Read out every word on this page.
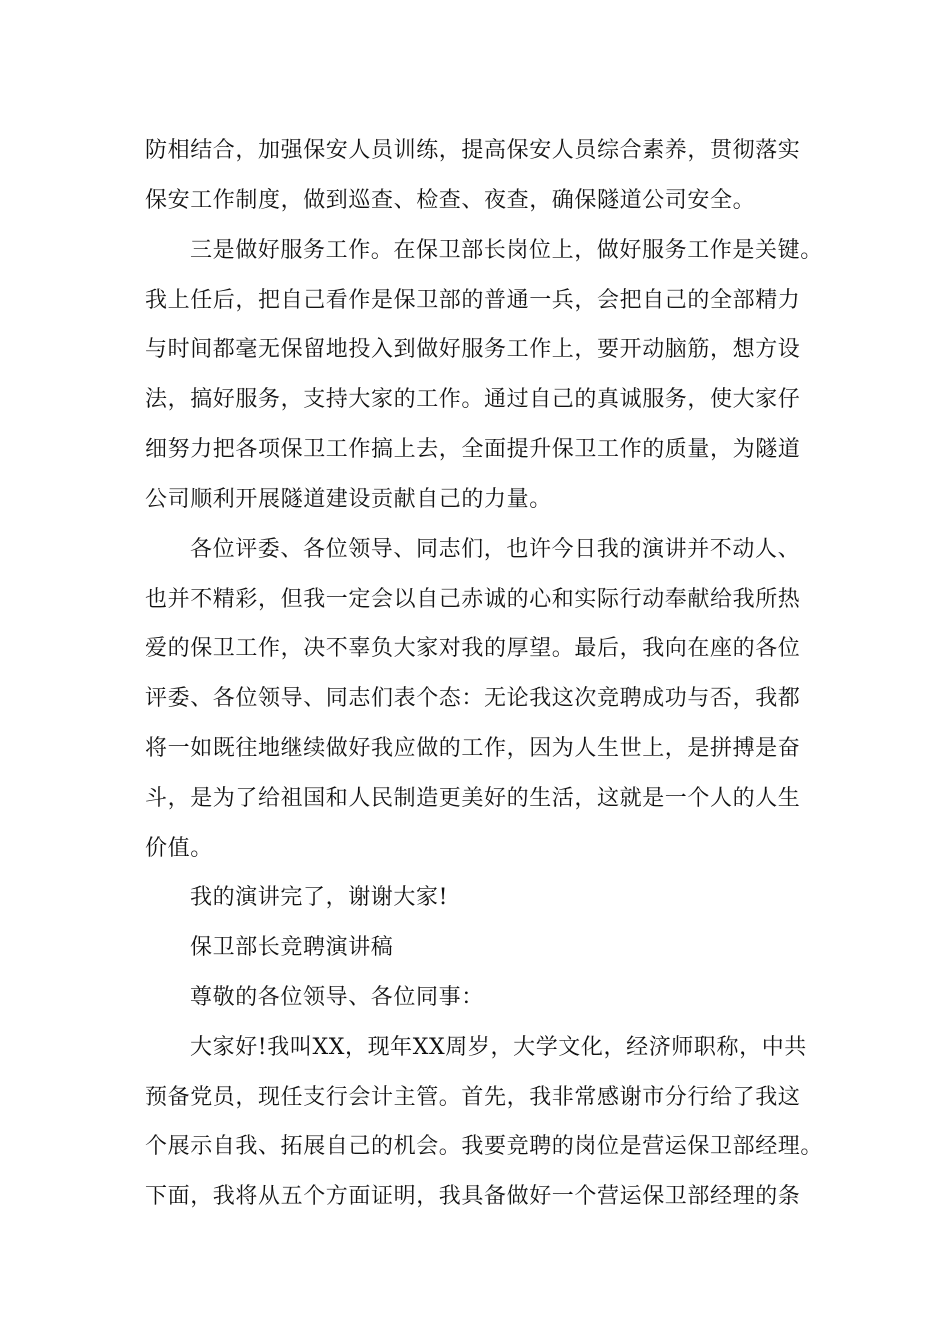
防相结合，加强保安人员训练，提高保安人员综合素养，贯彻落实
保安工作制度，做到巡查、检查、夜查，确保隧道公司安全。
三是做好服务工作。在保卫部长岗位上，做好服务工作是关键。
我上任后，把自己看作是保卫部的普通一兵，会把自己的全部精力
与时间都毫无保留地投入到做好服务工作上，要开动脑筋，想方设
法，搞好服务，支持大家的工作。通过自己的真诚服务，使大家仔
细努力把各项保卫工作搞上去，全面提升保卫工作的质量，为隧道
公司顺利开展隧道建设贡献自己的力量。
各位评委、各位领导、同志们，也许今日我的演讲并不动人、
也并不精彩，但我一定会以自己赤诚的心和实际行动奉献给我所热
爱的保卫工作，决不辜负大家对我的厚望。最后，我向在座的各位
评委、各位领导、同志们表个态：无论我这次竞聘成功与否，我都
将一如既往地继续做好我应做的工作，因为人生世上，是拼搏是奋
斗，是为了给祖国和人民制造更美好的生活，这就是一个人的人生
价值。
我的演讲完了，谢谢大家!
保卫部长竞聘演讲稿
尊敬的各位领导、各位同事：
大家好!我叫XX，现年XX周岁，大学文化，经济师职称，中共
预备党员，现任支行会计主管。首先，我非常感谢市分行给了我这
个展示自我、拓展自己的机会。我要竞聘的岗位是营运保卫部经理。
下面，我将从五个方面证明，我具备做好一个营运保卫部经理的条
